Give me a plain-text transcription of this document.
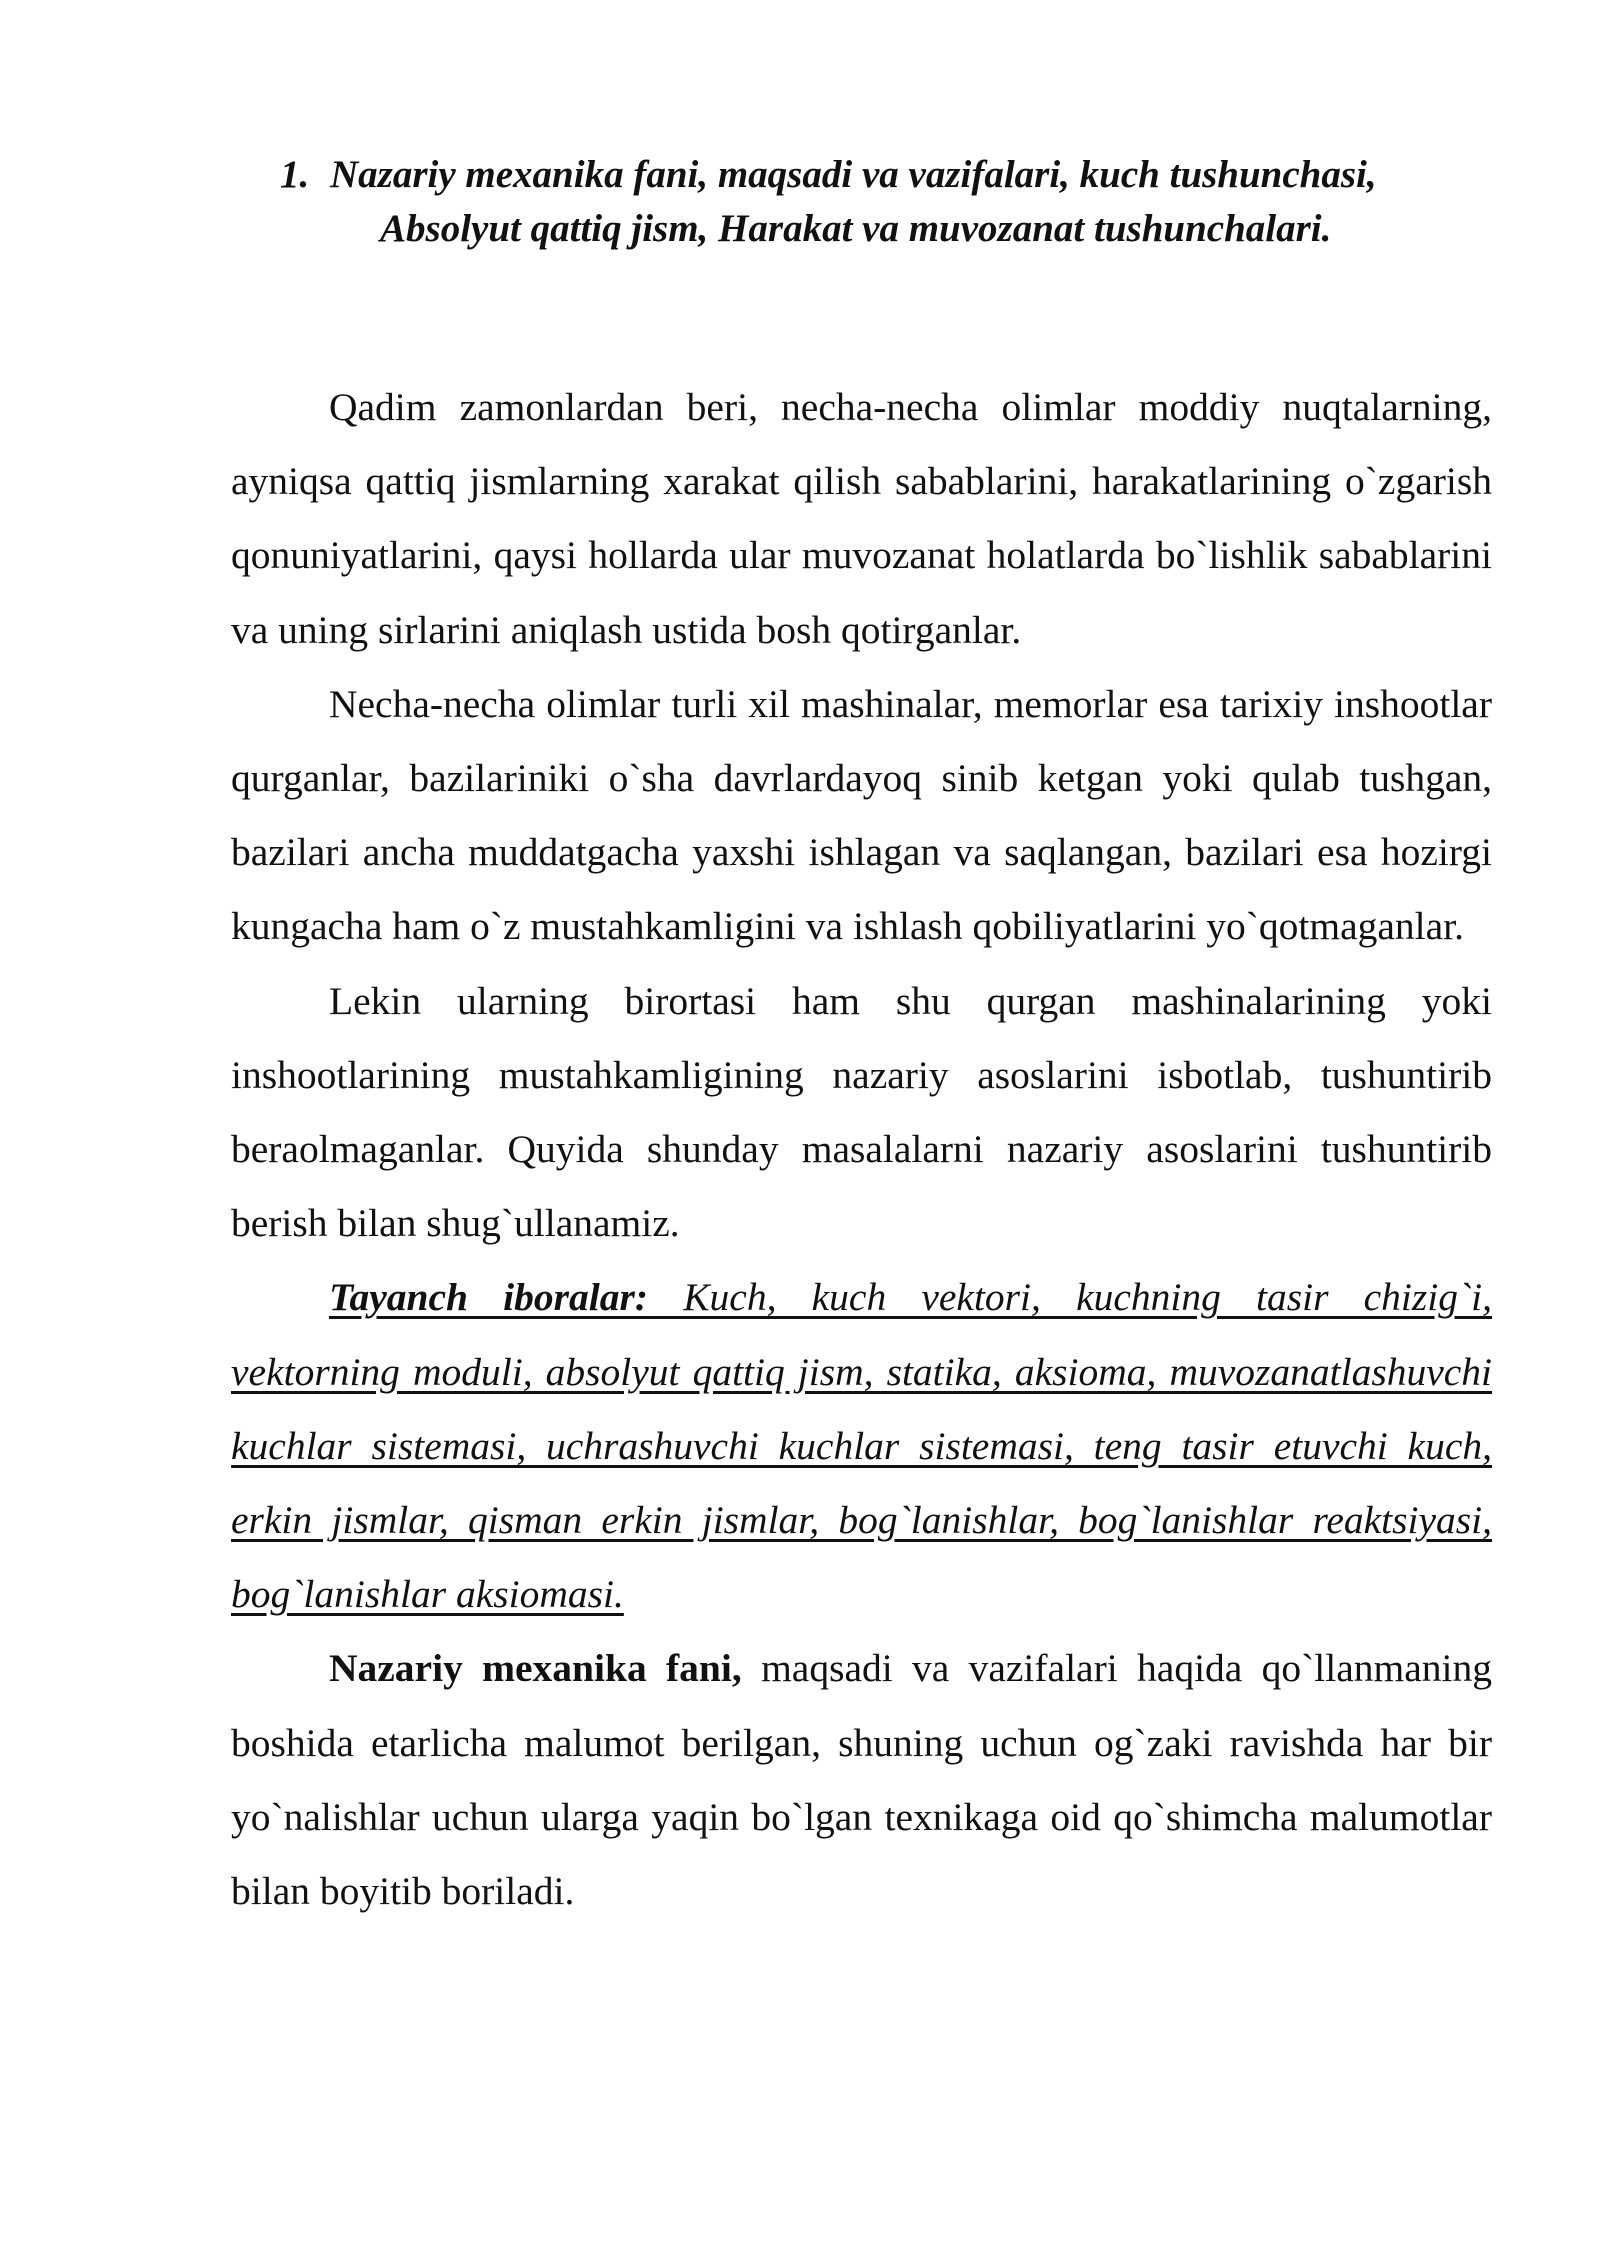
1. Nazariy mexanika fani, maqsadi va vazifalari, kuch tushunchasi,
Absolyut qattiq jism, Harakat va muvozanat tushunchalari.

Qadim zamonlardan beri, necha-necha olimlar moddiy nuqtalarning, ayniqsa qattiq jismlarning xarakat qilish sabablarini, harakatlarining o`zgarish qonuniyatlarini, qaysi hollarda ular muvozanat holatlarda bo`lishlik sabablarini va uning sirlarini aniqlash ustida bosh qotirganlar.

Necha-necha olimlar turli xil mashinalar, memorlar esa tarixiy inshootlar qurganlar, bazilariniki o`sha davrlardayoq sinib ketgan yoki qulab tushgan, bazilari ancha muddatgacha yaxshi ishlagan va saqlangan, bazilari esa hozirgi kungacha ham o`z mustahkamligini va ishlash qobiliyatlarini yo`qotmaganlar.

Lekin ularning birortasi ham shu qurgan mashinalarining yoki inshootlarining mustahkamligining nazariy asoslarini isbotlab, tushuntirib beraolmaganlar. Quyida shunday masalalarni nazariy asoslarini tushuntirib berish bilan shug`ullanamiz.

Tayanch iboralar: Kuch, kuch vektori, kuchning tasir chizig`i, vektorning moduli, absolyut qattiq jism, statika, aksioma, muvozanatlashuvchi kuchlar sistemasi, uchrashuvchi kuchlar sistemasi, teng tasir etuvchi kuch, erkin jismlar, qisman erkin jismlar, bog`lanishlar, bog`lanishlar reaktsiyasi, bog`lanishlar aksiomasi.

Nazariy mexanika fani, maqsadi va vazifalari haqida qo`llanmaning boshida etarlicha malumot berilgan, shuning uchun og`zaki ravishda har bir yo`nalishlar uchun ularga yaqin bo`lgan texnikaga oid qo`shimcha malumotlar bilan boyitib boriladi.
